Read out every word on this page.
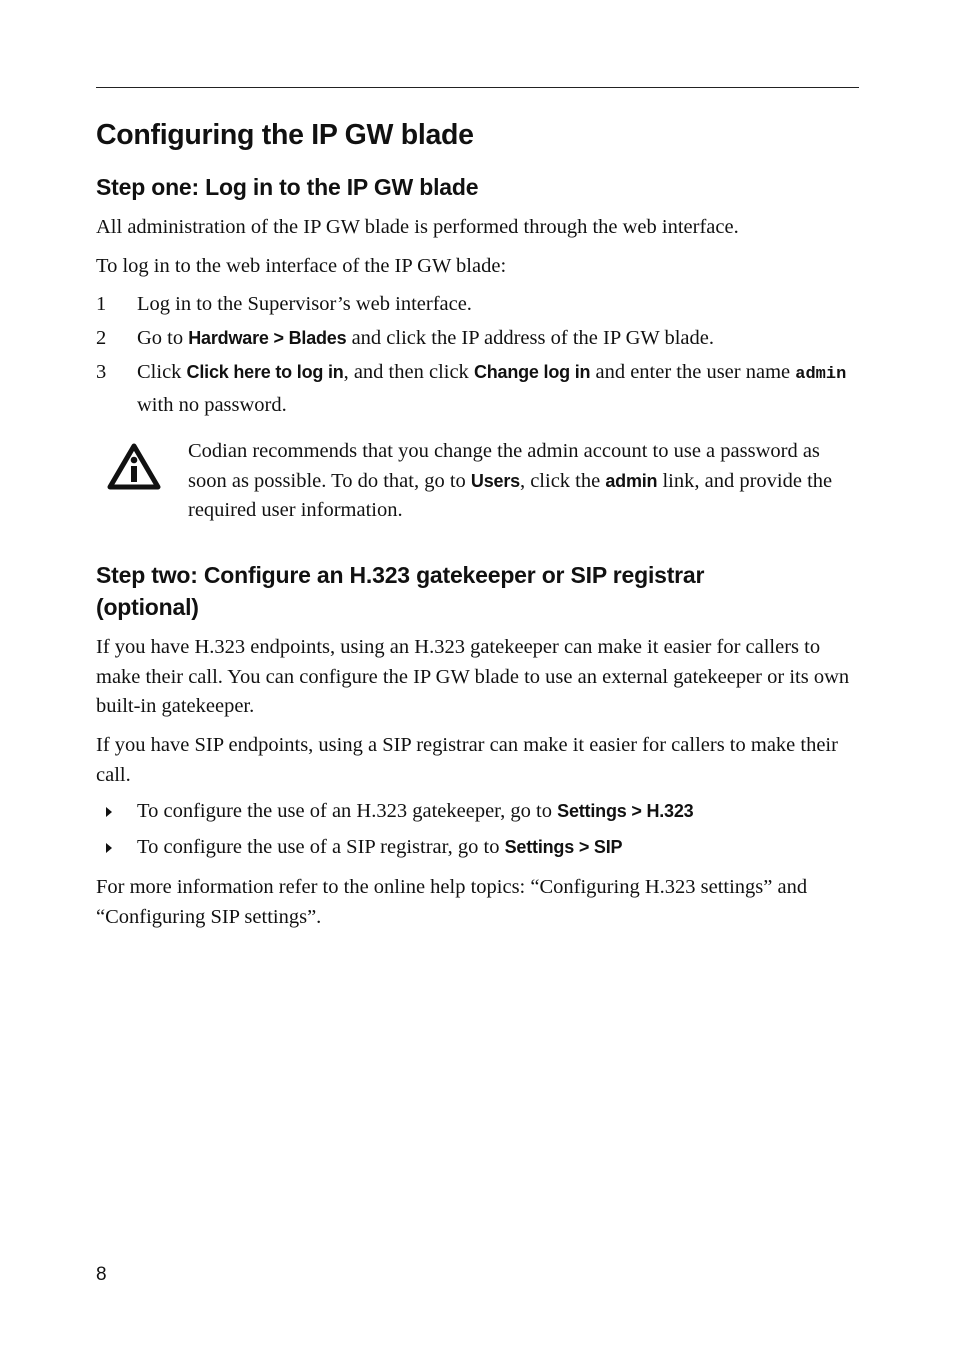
Configuring the IP GW blade
Step one: Log in to the IP GW blade

All administration of the IP GW blade is performed through the web interface.

To log in to the web interface of the IP GW blade:

1 Log in to the Supervisor’s web interface.
2 Go to Hardware > Blades and click the IP address of the IP GW blade.
3 Click Click here to log in, and then click Change log in and enter the user name admin with no password.
Codian recommends that you change the admin account to use a password as soon as possible. To do that, go to Users, click the admin link, and provide the required user information.
Step two: Configure an H.323 gatekeeper or SIP registrar
(optional)

If you have H.323 endpoints, using an H.323 gatekeeper can make it easier for callers to make their call. You can configure the IP GW blade to use an external gatekeeper or its own built-in gatekeeper.

If you have SIP endpoints, using a SIP registrar can make it easier for callers to make their call.

To configure the use of an H.323 gatekeeper, go to Settings > H.323
To configure the use of a SIP registrar, go to Settings > SIP

For more information refer to the online help topics: “Configuring H.323 settings” and “Configuring SIP settings”.

8
